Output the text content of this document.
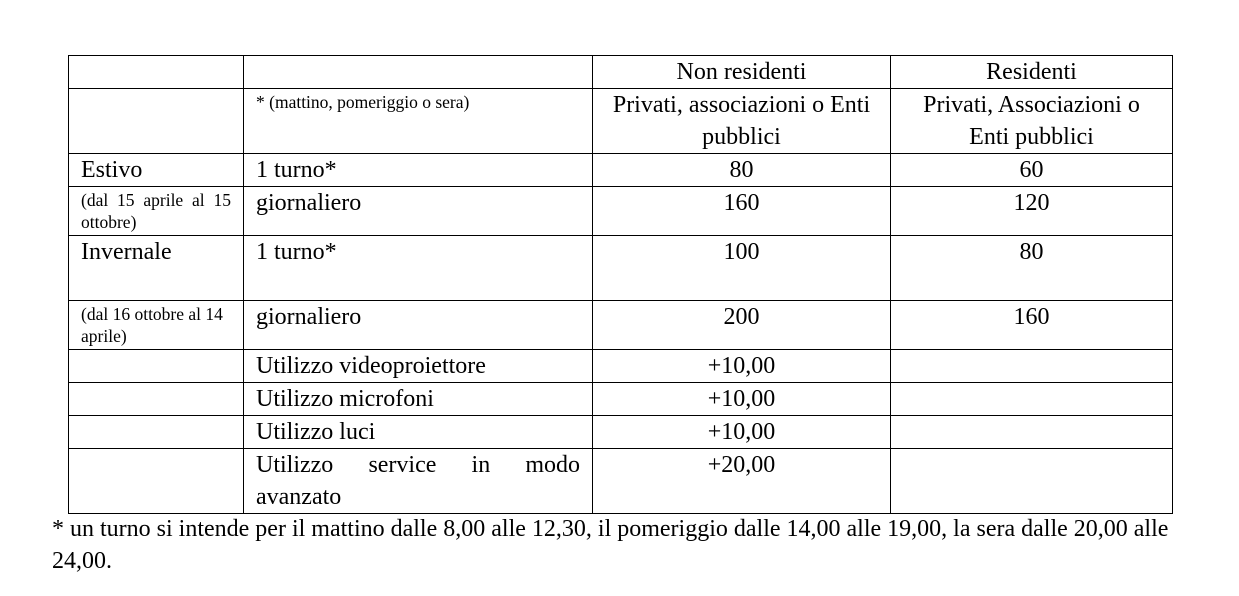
		Non residenti	Residenti
	* (mattino, pomeriggio o sera)	Privati, associazioni o Enti pubblici	Privati, Associazioni o Enti pubblici
Estivo	1 turno*	80	60
(dal 15 aprile al 15 ottobre)	giornaliero	160	120
Invernale	1 turno*	100	80
(dal 16 ottobre al 14 aprile)	giornaliero	200	160
	Utilizzo videoproiettore	+10,00	
	Utilizzo microfoni	+10,00	
	Utilizzo luci	+10,00	
	Utilizzo service in modo avanzato	+20,00	

* un turno si intende per il mattino dalle 8,00 alle 12,30, il pomeriggio dalle 14,00 alle 19,00, la sera dalle 20,00 alle 24,00.
